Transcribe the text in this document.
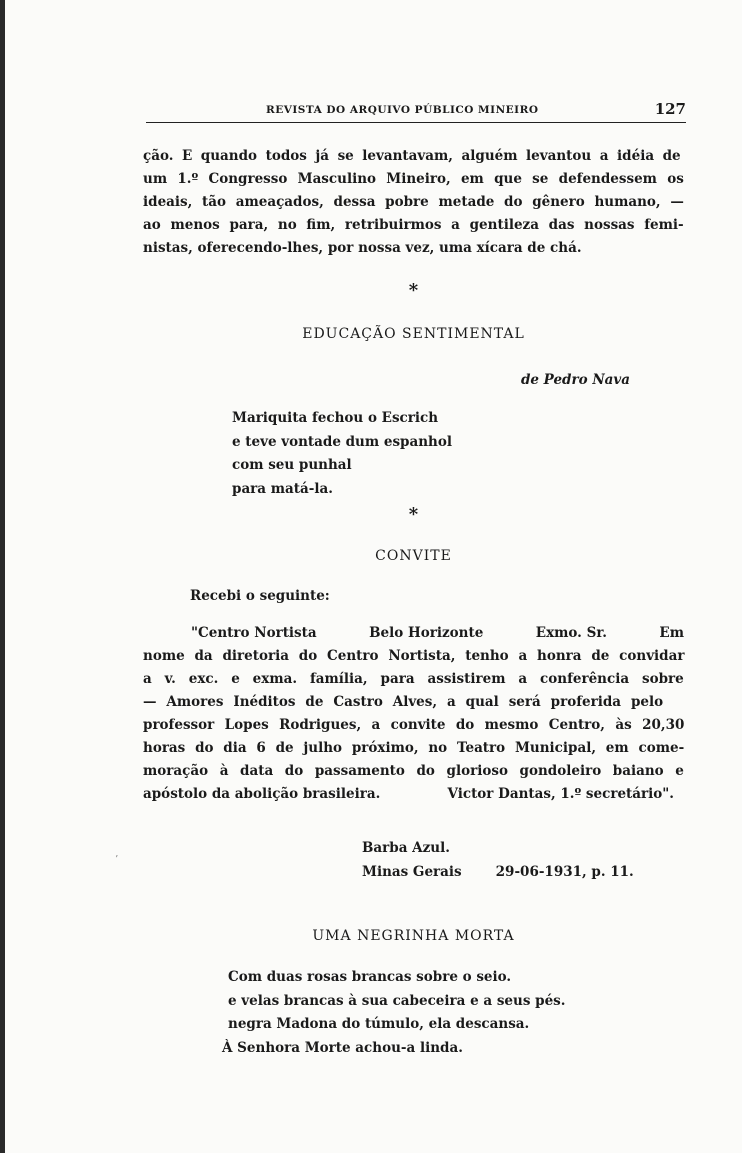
REVISTA DO ARQUIVO PÚBLICO MINEIRO	127
ção. E quando todos já se levantavam, alguém levantou a idéia de
um 1.º Congresso Masculino Mineiro, em que se defendessem os
ideais, tão ameaçados, dessa pobre metade do gênero humano, —
ao menos para, no fim, retribuirmos a gentileza das nossas femi-
nistas, oferecendo-lhes, por nossa vez, uma xícara de chá.
*
EDUCAÇÃO SENTIMENTAL
de Pedro Nava
Mariquita fechou o Escrich
e teve vontade dum espanhol
com seu punhal
para matá-la.
*
CONVITE
Recebi o seguinte:
"Centro Nortista	Belo Horizonte	Exmo. Sr.	Em
nome da diretoria do Centro Nortista, tenho a honra de convidar
a v. exc. e exma. família, para assistirem a conferência sobre
— Amores Inéditos de Castro Alves, a qual será proferida pelo
professor Lopes Rodrigues, a convite do mesmo Centro, às 20,30
horas do dia 6 de julho próximo, no Teatro Municipal, em come-
moração à data do passamento do glorioso gondoleiro baiano e
apóstolo da abolição brasileira.	Victor Dantas, 1.º secretário".
ʼ
Barba Azul.
Minas Gerais	29-06-1931, p. 11.
UMA NEGRINHA MORTA
Com duas rosas brancas sobre o seio.
e velas brancas à sua cabeceira e a seus pés.
negra Madona do túmulo, ela descansa.
À Senhora Morte achou-a linda.
